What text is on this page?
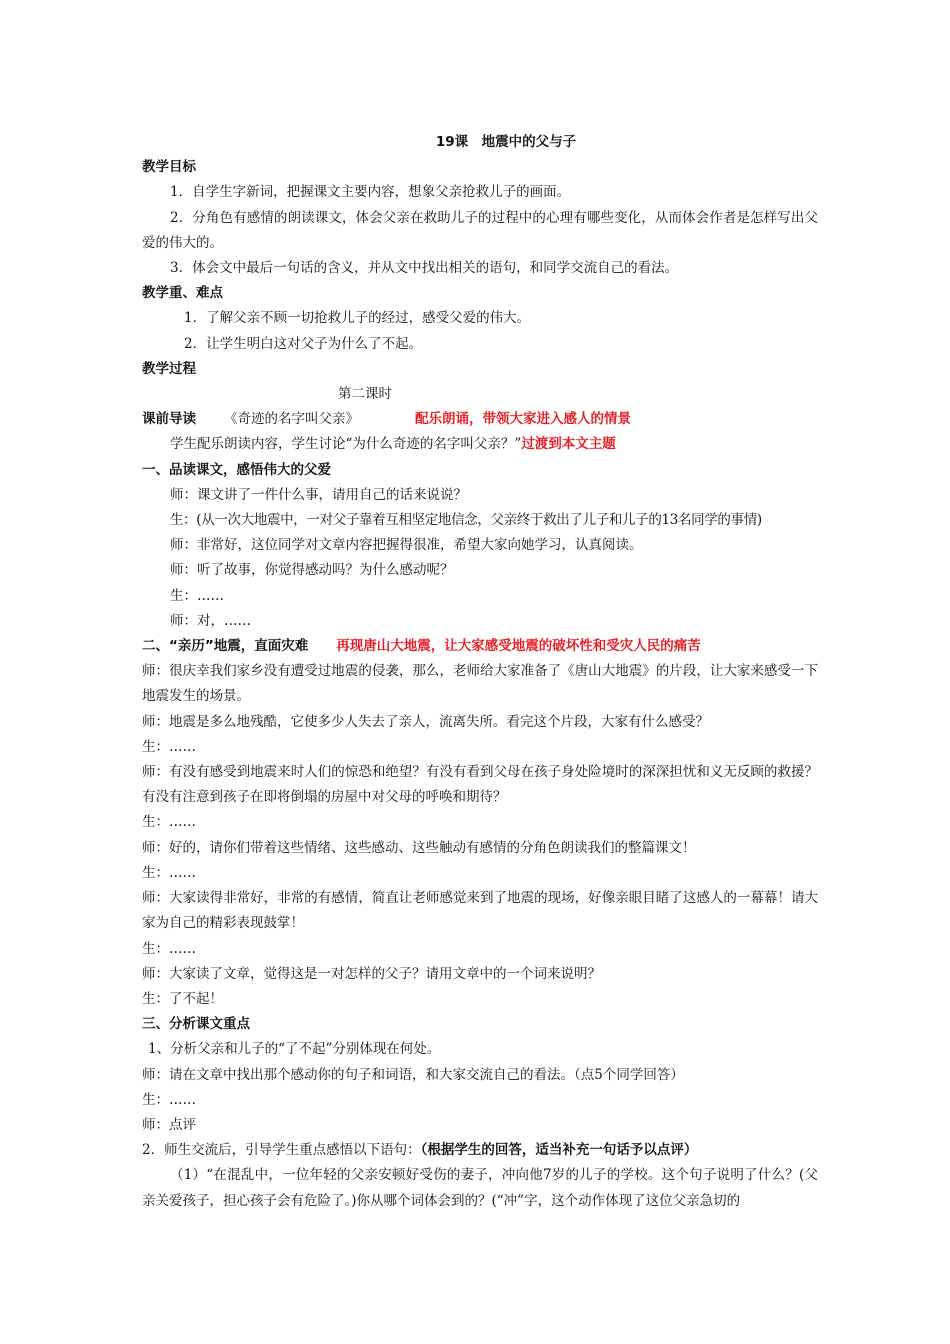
19课　地震中的父与子
教学目标
1．自学生字新词，把握课文主要内容，想象父亲抢救儿子的画面。
2．分角色有感情的朗读课文，体会父亲在救助儿子的过程中的心理有哪些变化，从而体会作者是怎样写出父爱的伟大的。
3．体会文中最后一句话的含义，并从文中找出相关的语句，和同学交流自己的看法。
教学重、难点
1．了解父亲不顾一切抢救儿子的经过，感受父爱的伟大。
2．让学生明白这对父子为什么了不起。
教学过程
第二课时
课前导读 《奇迹的名字叫父亲》	配乐朗诵，带领大家进入感人的情景
学生配乐朗读内容，学生讨论“为什么奇迹的名字叫父亲？”过渡到本文主题
一、品读课文，感悟伟大的父爱
师：课文讲了一件什么事，请用自己的话来说说？
生：(从一次大地震中，一对父子靠着互相坚定地信念，父亲终于救出了儿子和儿子的13名同学的事情)
师：非常好，这位同学对文章内容把握得很准，希望大家向她学习，认真阅读。
师：听了故事，你觉得感动吗？为什么感动呢？
生：……
师：对，……
二、“亲历”地震，直面灾难 再现唐山大地震，让大家感受地震的破坏性和受灾人民的痛苦
师：很庆幸我们家乡没有遭受过地震的侵袭，那么，老师给大家准备了《唐山大地震》的片段，让大家来感受一下地震发生的场景。
师：地震是多么地残酷，它使多少人失去了亲人，流离失所。看完这个片段，大家有什么感受？
生：……
师：有没有感受到地震来时人们的惊恐和绝望？有没有看到父母在孩子身处险境时的深深担忧和义无反顾的救援？有没有注意到孩子在即将倒塌的房屋中对父母的呼唤和期待？
生：……
师：好的，请你们带着这些情绪、这些感动、这些触动有感情的分角色朗读我们的整篇课文！
生：……
师：大家读得非常好，非常的有感情，简直让老师感觉来到了地震的现场，好像亲眼目睹了这感人的一幕幕！请大家为自己的精彩表现鼓掌！
生：……
师：大家读了文章，觉得这是一对怎样的父子？请用文章中的一个词来说明？
生：了不起！
三、分析课文重点
1、分析父亲和儿子的“了不起”分别体现在何处。
师：请在文章中找出那个感动你的句子和词语，和大家交流自己的看法。（点5个同学回答）
生：……
师：点评
2．师生交流后，引导学生重点感悟以下语句：（根据学生的回答，适当补充一句话予以点评）
（1）“在混乱中，一位年轻的父亲安顿好受伤的妻子，冲向他7岁的儿子的学校。这个句子说明了什么？(父亲关爱孩子，担心孩子会有危险了。)你从哪个词体会到的？(“冲”字，这个动作体现了这位父亲急切的
